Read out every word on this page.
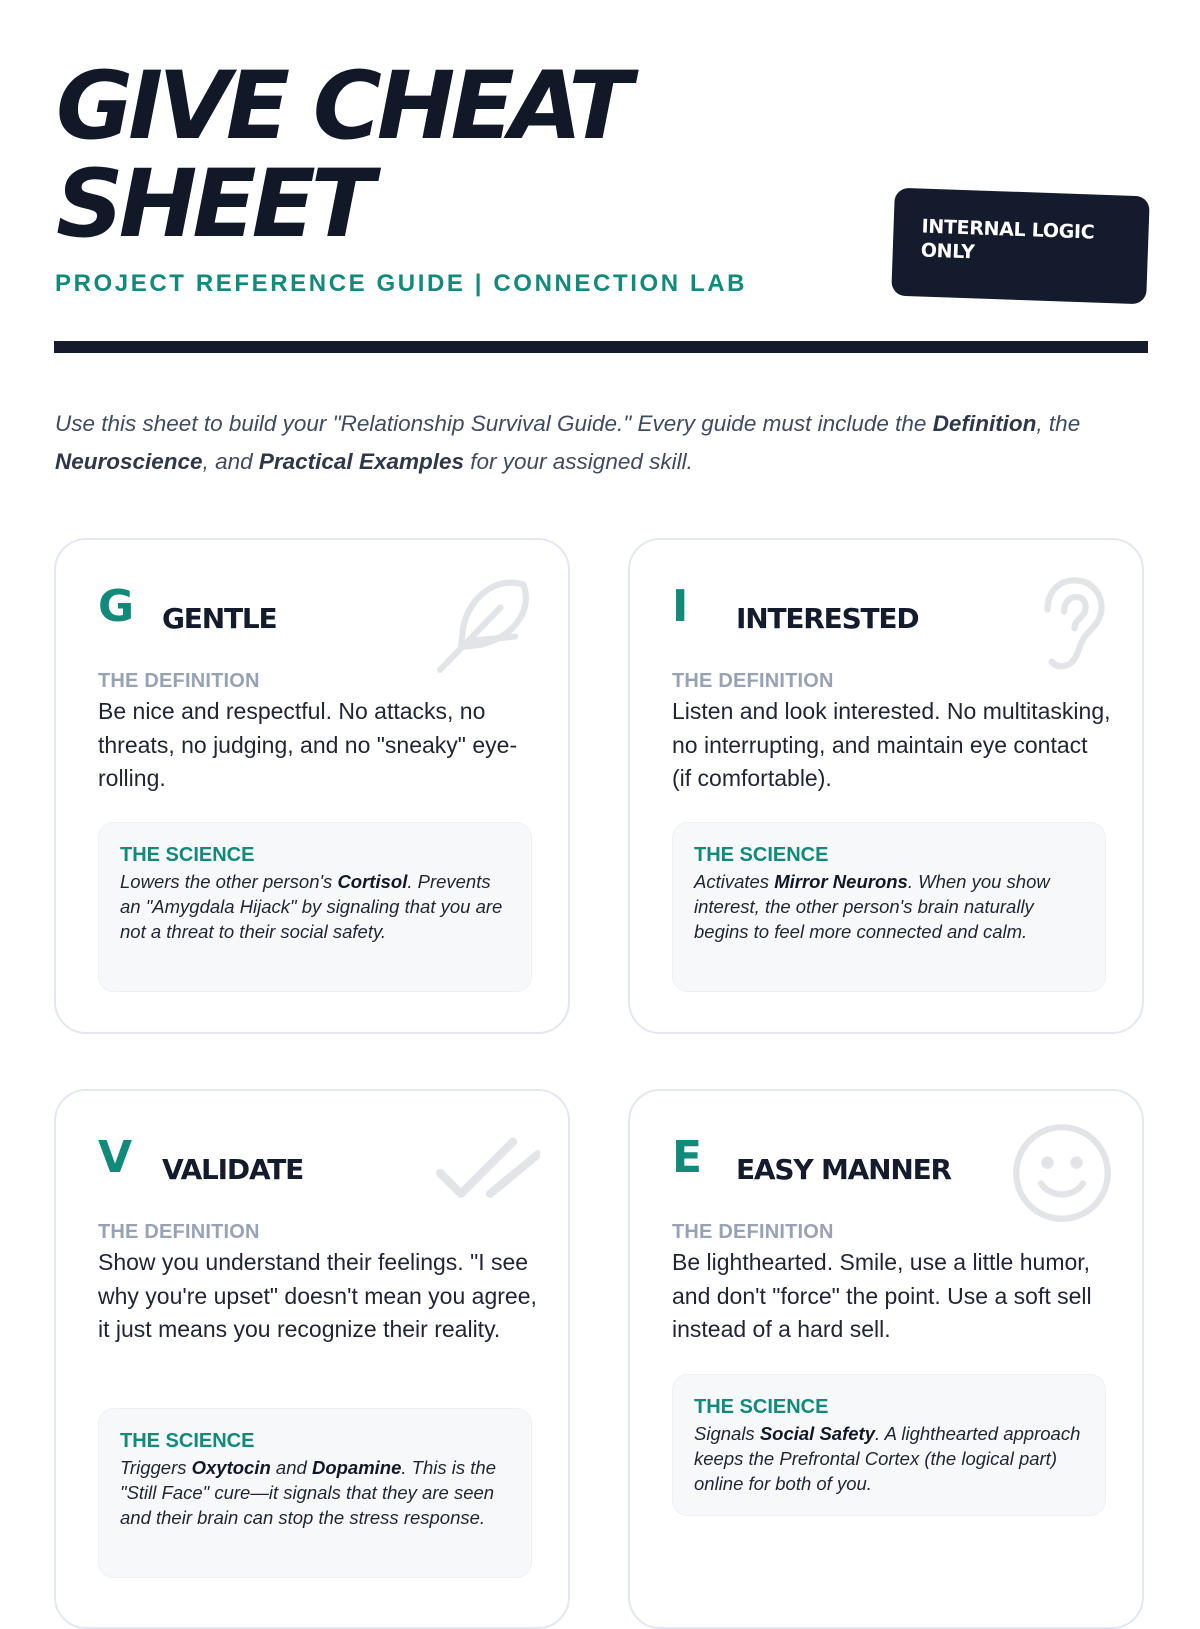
GIVE CHEAT
SHEET
PROJECT REFERENCE GUIDE | CONNECTION LAB
INTERNAL LOGIC
ONLY

Use this sheet to build your "Relationship Survival Guide." Every guide must include the Definition, the Neuroscience, and Practical Examples for your assigned skill.

G GENTLE
THE DEFINITION

Be nice and respectful. No attacks, no threats, no judging, and no "sneaky" eye-rolling.

THE SCIENCE

Lowers the other person's Cortisol. Prevents an "Amygdala Hijack" by signaling that you are not a threat to their social safety.

I INTERESTED
THE DEFINITION

Listen and look interested. No multitasking, no interrupting, and maintain eye contact (if comfortable).

THE SCIENCE

Activates Mirror Neurons. When you show interest, the other person's brain naturally begins to feel more connected and calm.

V VALIDATE
THE DEFINITION

Show you understand their feelings. "I see why you're upset" doesn't mean you agree, it just means you recognize their reality.

THE SCIENCE

Triggers Oxytocin and Dopamine. This is the "Still Face" cure—it signals that they are seen and their brain can stop the stress response.

E EASY MANNER
THE DEFINITION

Be lighthearted. Smile, use a little humor, and don't "force" the point. Use a soft sell instead of a hard sell.

THE SCIENCE

Signals Social Safety. A lighthearted approach keeps the Prefrontal Cortex (the logical part) online for both of you.
